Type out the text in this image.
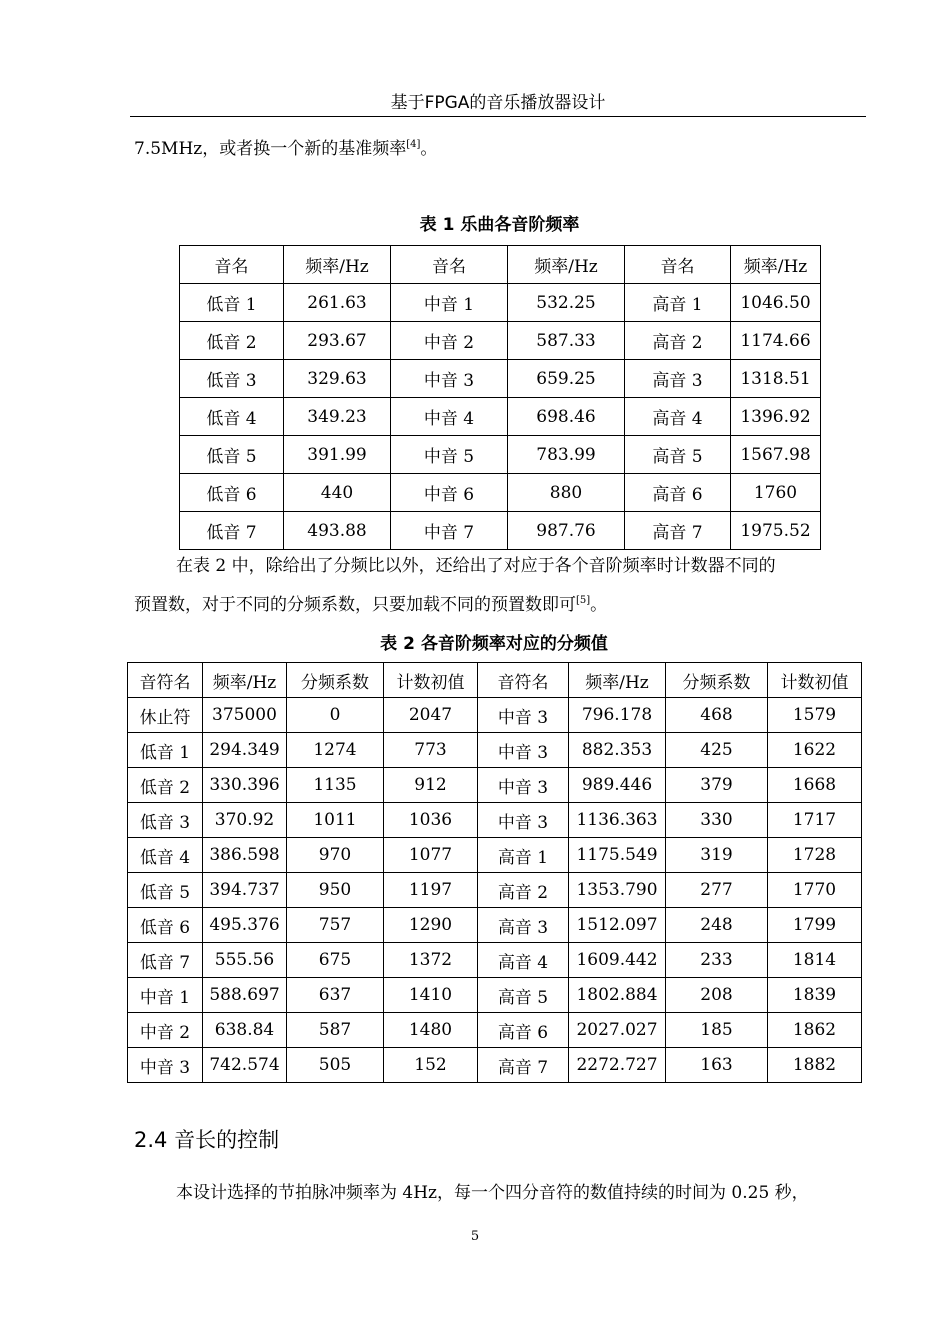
基于FPGA的音乐播放器设计
7.5MHz，或者换一个新的基准频率[4]。
表 1 乐曲各音阶频率
音名	频率/Hz	音名	频率/Hz	音名	频率/Hz
低音 1	261.63	中音 1	532.25	高音 1	1046.50
低音 2	293.67	中音 2	587.33	高音 2	1174.66
低音 3	329.63	中音 3	659.25	高音 3	1318.51
低音 4	349.23	中音 4	698.46	高音 4	1396.92
低音 5	391.99	中音 5	783.99	高音 5	1567.98
低音 6	440	中音 6	880	高音 6	1760
低音 7	493.88	中音 7	987.76	高音 7	1975.52
在表 2 中，除给出了分频比以外，还给出了对应于各个音阶频率时计数器不同的
预置数，对于不同的分频系数，只要加载不同的预置数即可[5]。
表 2 各音阶频率对应的分频值
音符名	频率/Hz	分频系数	计数初值	音符名	频率/Hz	分频系数	计数初值
休止符	375000	0	2047	中音 3	796.178	468	1579
低音 1	294.349	1274	773	中音 3	882.353	425	1622
低音 2	330.396	1135	912	中音 3	989.446	379	1668
低音 3	370.92	1011	1036	中音 3	1136.363	330	1717
低音 4	386.598	970	1077	高音 1	1175.549	319	1728
低音 5	394.737	950	1197	高音 2	1353.790	277	1770
低音 6	495.376	757	1290	高音 3	1512.097	248	1799
低音 7	555.56	675	1372	高音 4	1609.442	233	1814
中音 1	588.697	637	1410	高音 5	1802.884	208	1839
中音 2	638.84	587	1480	高音 6	2027.027	185	1862
中音 3	742.574	505	152	高音 7	2272.727	163	1882
2.4 音长的控制
本设计选择的节拍脉冲频率为 4Hz，每一个四分音符的数值持续的时间为 0.25 秒，
5
